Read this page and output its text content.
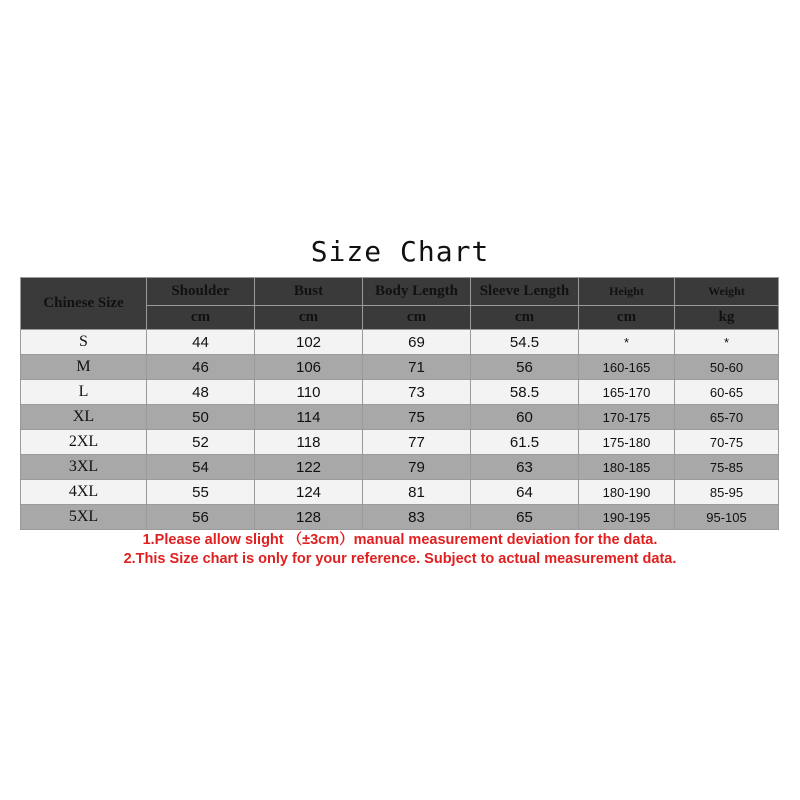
Size Chart
Chinese Size	Shoulder	Bust	Body Length	Sleeve Length	Height	Weight
	cm	cm	cm	cm	cm	kg
S	44	102	69	54.5	*	*
M	46	106	71	56	160-165	50-60
L	48	110	73	58.5	165-170	60-65
XL	50	114	75	60	170-175	65-70
2XL	52	118	77	61.5	175-180	70-75
3XL	54	122	79	63	180-185	75-85
4XL	55	124	81	64	180-190	85-95
5XL	56	128	83	65	190-195	95-105
1.Please allow slight （±3cm）manual measurement deviation for the data.
2.This Size chart is only for your reference. Subject to actual measurement data.
